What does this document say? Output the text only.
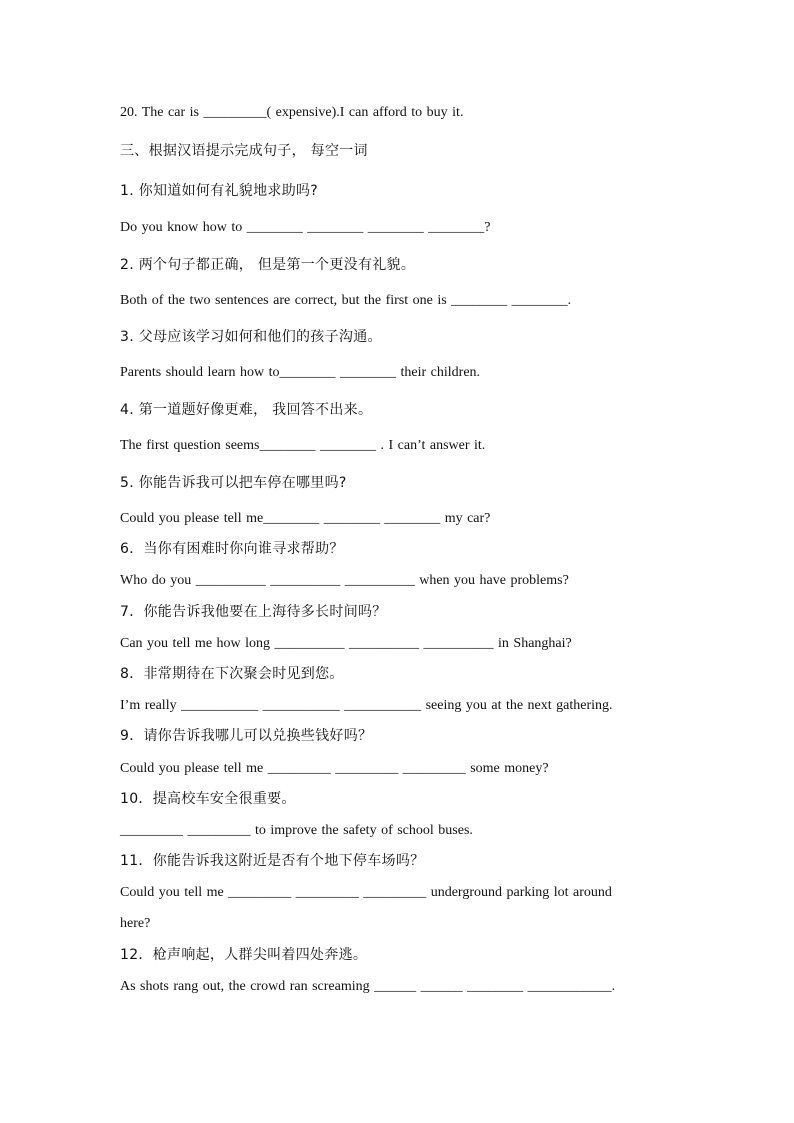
20. The car is _________( expensive).I can afford to buy it.
三、根据汉语提示完成句子， 每空一词
1. 你知道如何有礼貌地求助吗?
Do you know how to ________ ________ ________ ________?
2. 两个句子都正确， 但是第一个更没有礼貌。
Both of the two sentences are correct, but the first one is ________ ________.
3. 父母应该学习如何和他们的孩子沟通。
Parents should learn how to________ ________ their children.
4. 第一道题好像更难， 我回答不出来。
The first question seems________ ________ . I can’t answer it.
5. 你能告诉我可以把车停在哪里吗?
Could you please tell me________ ________ ________ my car?
6．当你有困难时你向谁寻求帮助？
Who do you __________ __________ __________ when you have problems?
7．你能告诉我他要在上海待多长时间吗？
Can you tell me how long __________ __________ __________ in Shanghai?
8．非常期待在下次聚会时见到您。
I’m really ___________ ___________ ___________ seeing you at the next gathering.
9．请你告诉我哪儿可以兑换些钱好吗？
Could you please tell me _________ _________ _________ some money?
10．提高校车安全很重要。
_________ _________ to improve the safety of school buses.
11．你能告诉我这附近是否有个地下停车场吗？
Could you tell me _________ _________ _________ underground parking lot around
here?
12．枪声响起，人群尖叫着四处奔逃。
As shots rang out, the crowd ran screaming ______ ______ ________ ____________.
